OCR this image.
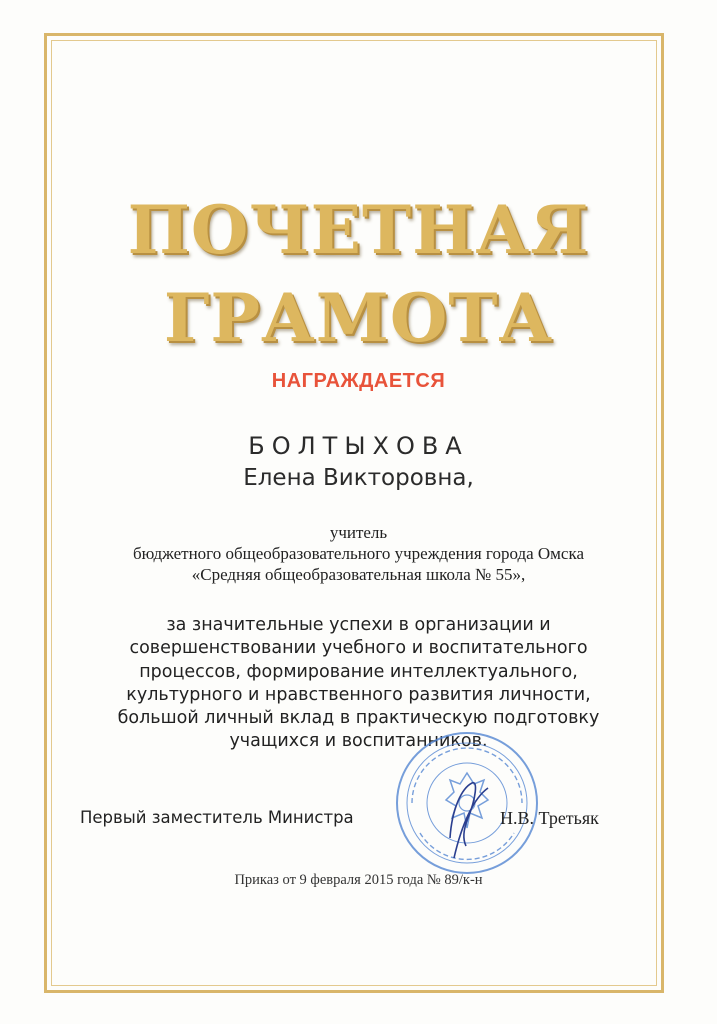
ПОЧЕТНАЯ
ГРАМОТА
НАГРАЖДАЕТСЯ
БОЛТЫХОВА
Елена Викторовна,
учитель
бюджетного общеобразовательного учреждения города Омска
«Средняя общеобразовательная школа № 55»,
за значительные успехи в организации и
совершенствовании учебного и воспитательного
процессов, формирование интеллектуального,
культурного и нравственного развития личности,
большой личный вклад в практическую подготовку
учащихся и воспитанников.
Первый заместитель Министра	Н.В. Третьяк
Приказ от 9 февраля 2015 года № 89/к-н
